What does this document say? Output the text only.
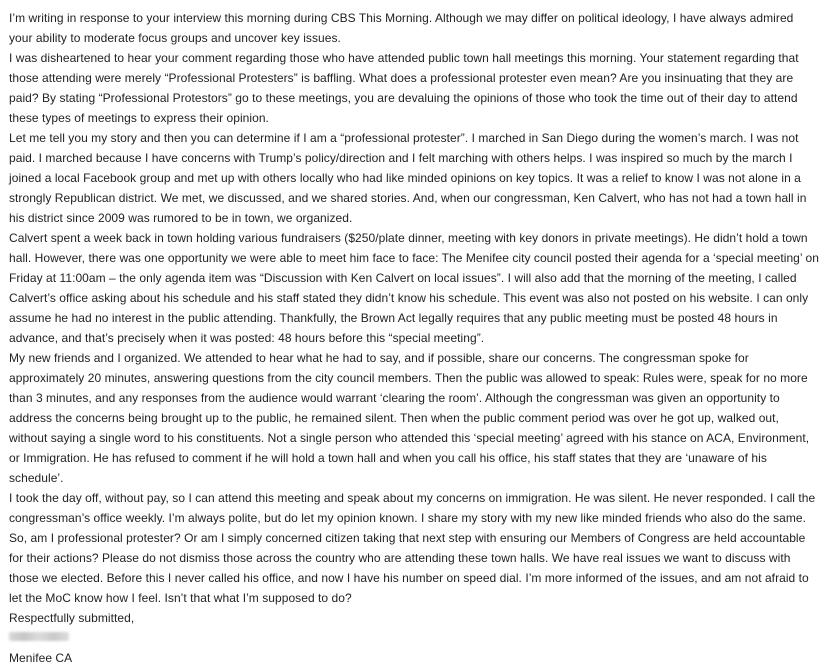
I’m writing in response to your interview this morning during CBS This Morning. Although we may differ on political ideology, I have always admired your ability to moderate focus groups and uncover key issues.

I was disheartened to hear your comment regarding those who have attended public town hall meetings this morning. Your statement regarding that those attending were merely “Professional Protesters” is baffling. What does a professional protester even mean? Are you insinuating that they are paid? By stating “Professional Protestors” go to these meetings, you are devaluing the opinions of those who took the time out of their day to attend these types of meetings to express their opinion.

Let me tell you my story and then you can determine if I am a “professional protester”. I marched in San Diego during the women’s march. I was not paid. I marched because I have concerns with Trump’s policy/direction and I felt marching with others helps. I was inspired so much by the march I joined a local Facebook group and met up with others locally who had like minded opinions on key topics. It was a relief to know I was not alone in a strongly Republican district. We met, we discussed, and we shared stories. And, when our congressman, Ken Calvert, who has not had a town hall in his district since 2009 was rumored to be in town, we organized.

Calvert spent a week back in town holding various fundraisers ($250/plate dinner, meeting with key donors in private meetings). He didn’t hold a town hall. However, there was one opportunity we were able to meet him face to face: The Menifee city council posted their agenda for a ‘special meeting’ on Friday at 11:00am – the only agenda item was “Discussion with Ken Calvert on local issues”. I will also add that the morning of the meeting, I called Calvert’s office asking about his schedule and his staff stated they didn’t know his schedule. This event was also not posted on his website. I can only assume he had no interest in the public attending. Thankfully, the Brown Act legally requires that any public meeting must be posted 48 hours in advance, and that’s precisely when it was posted: 48 hours before this “special meeting”.

My new friends and I organized. We attended to hear what he had to say, and if possible, share our concerns. The congressman spoke for approximately 20 minutes, answering questions from the city council members. Then the public was allowed to speak: Rules were, speak for no more than 3 minutes, and any responses from the audience would warrant ‘clearing the room’. Although the congressman was given an opportunity to address the concerns being brought up to the public, he remained silent. Then when the public comment period was over he got up, walked out, without saying a single word to his constituents. Not a single person who attended this ‘special meeting’ agreed with his stance on ACA, Environment, or Immigration. He has refused to comment if he will hold a town hall and when you call his office, his staff states that they are ‘unaware of his schedule’.

I took the day off, without pay, so I can attend this meeting and speak about my concerns on immigration. He was silent. He never responded. I call the congressman’s office weekly. I’m always polite, but do let my opinion known. I share my story with my new like minded friends who also do the same.

So, am I professional protester? Or am I simply concerned citizen taking that next step with ensuring our Members of Congress are held accountable for their actions? Please do not dismiss those across the country who are attending these town halls. We have real issues we want to discuss with those we elected. Before this I never called his office, and now I have his number on speed dial. I’m more informed of the issues, and am not afraid to let the MoC know how I feel. Isn’t that what I’m supposed to do?

Respectfully submitted,

Menifee CA
